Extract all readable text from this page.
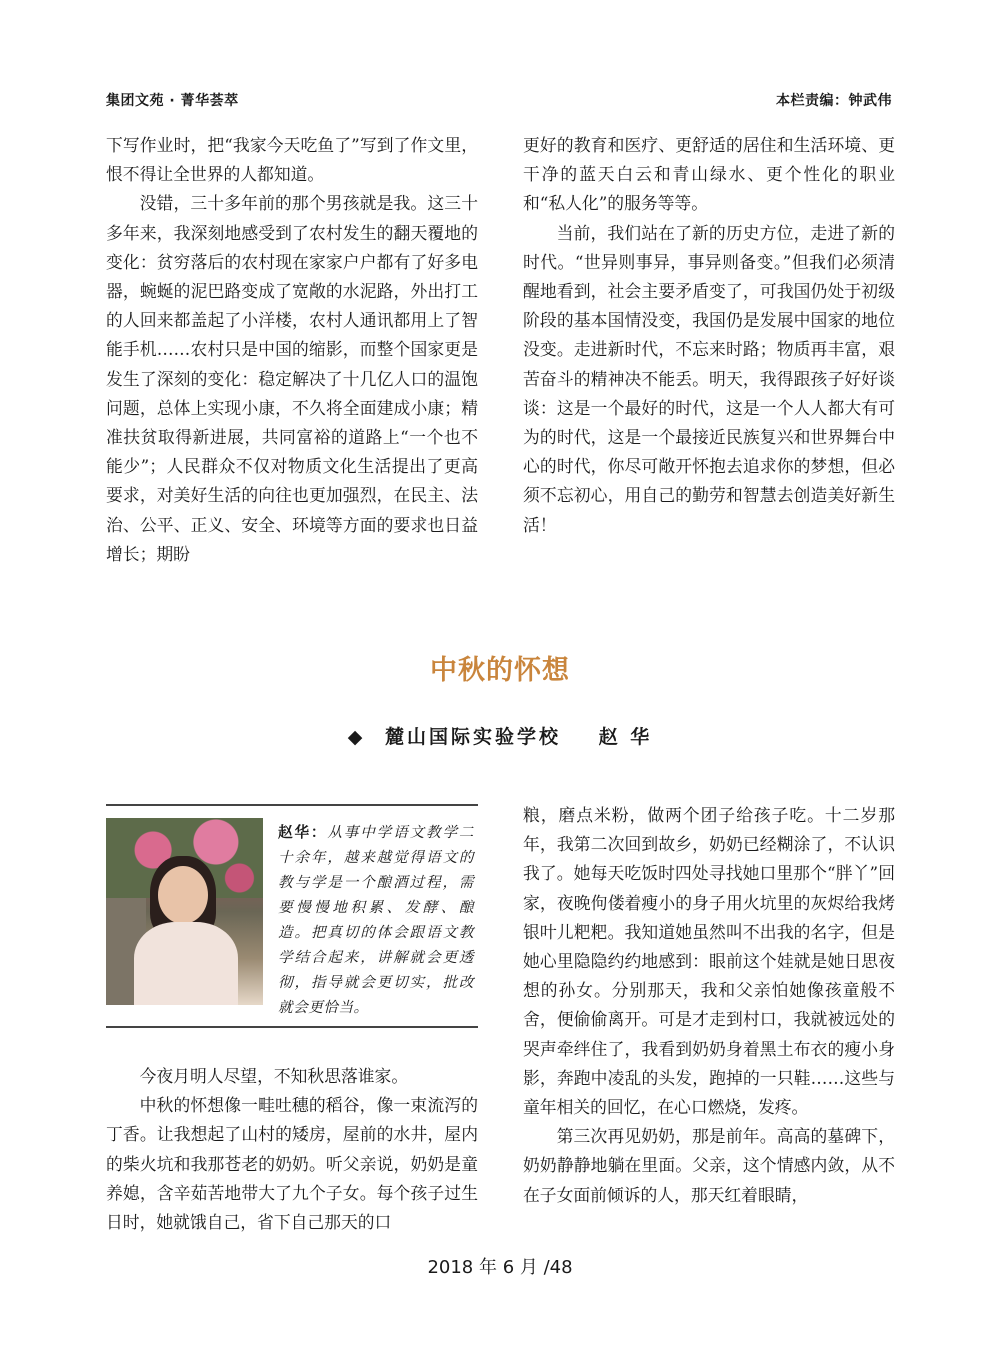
集团文苑 · 菁华荟萃	本栏责编：钟武伟

下写作业时，把“我家今天吃鱼了”写到了作文里，恨不得让全世界的人都知道。

没错，三十多年前的那个男孩就是我。这三十多年来，我深刻地感受到了农村发生的翻天覆地的变化：贫穷落后的农村现在家家户户都有了好多电器，蜿蜒的泥巴路变成了宽敞的水泥路，外出打工的人回来都盖起了小洋楼，农村人通讯都用上了智能手机……农村只是中国的缩影，而整个国家更是发生了深刻的变化：稳定解决了十几亿人口的温饱问题，总体上实现小康，不久将全面建成小康；精准扶贫取得新进展，共同富裕的道路上“一个也不能少”；人民群众不仅对物质文化生活提出了更高要求，对美好生活的向往也更加强烈，在民主、法治、公平、正义、安全、环境等方面的要求也日益增长；期盼

更好的教育和医疗、更舒适的居住和生活环境、更干净的蓝天白云和青山绿水、更个性化的职业和“私人化”的服务等等。

当前，我们站在了新的历史方位，走进了新的时代。“世异则事异，事异则备变。”但我们必须清醒地看到，社会主要矛盾变了，可我国仍处于初级阶段的基本国情没变，我国仍是发展中国家的地位没变。走进新时代，不忘来时路；物质再丰富，艰苦奋斗的精神决不能丢。明天，我得跟孩子好好谈谈：这是一个最好的时代，这是一个人人都大有可为的时代，这是一个最接近民族复兴和世界舞台中心的时代，你尽可敞开怀抱去追求你的梦想，但必须不忘初心，用自己的勤劳和智慧去创造美好新生活！

中秋的怀想
◆ 麓山国际实验学校 赵 华
赵华：从事中学语文教学二十余年，越来越觉得语文的教与学是一个酿酒过程，需要慢慢地积累、发酵、酿造。把真切的体会跟语文教学结合起来，讲解就会更透彻，指导就会更切实，批改就会更恰当。

今夜月明人尽望，不知秋思落谁家。

中秋的怀想像一畦吐穗的稻谷，像一束流泻的丁香。让我想起了山村的矮房，屋前的水井，屋内的柴火坑和我那苍老的奶奶。听父亲说，奶奶是童养媳，含辛茹苦地带大了九个子女。每个孩子过生日时，她就饿自己，省下自己那天的口

粮，磨点米粉，做两个团子给孩子吃。十二岁那年，我第二次回到故乡，奶奶已经糊涂了，不认识我了。她每天吃饭时四处寻找她口里那个“胖丫”回家，夜晚佝偻着瘦小的身子用火坑里的灰烬给我烤银叶儿粑粑。我知道她虽然叫不出我的名字，但是她心里隐隐约约地感到：眼前这个娃就是她日思夜想的孙女。分别那天，我和父亲怕她像孩童般不舍，便偷偷离开。可是才走到村口，我就被远处的哭声牵绊住了，我看到奶奶身着黑土布衣的瘦小身影，奔跑中凌乱的头发，跑掉的一只鞋……这些与童年相关的回忆，在心口燃烧，发疼。

第三次再见奶奶，那是前年。高高的墓碑下，奶奶静静地躺在里面。父亲，这个情感内敛，从不在子女面前倾诉的人，那天红着眼睛，

2018 年 6 月 /48
